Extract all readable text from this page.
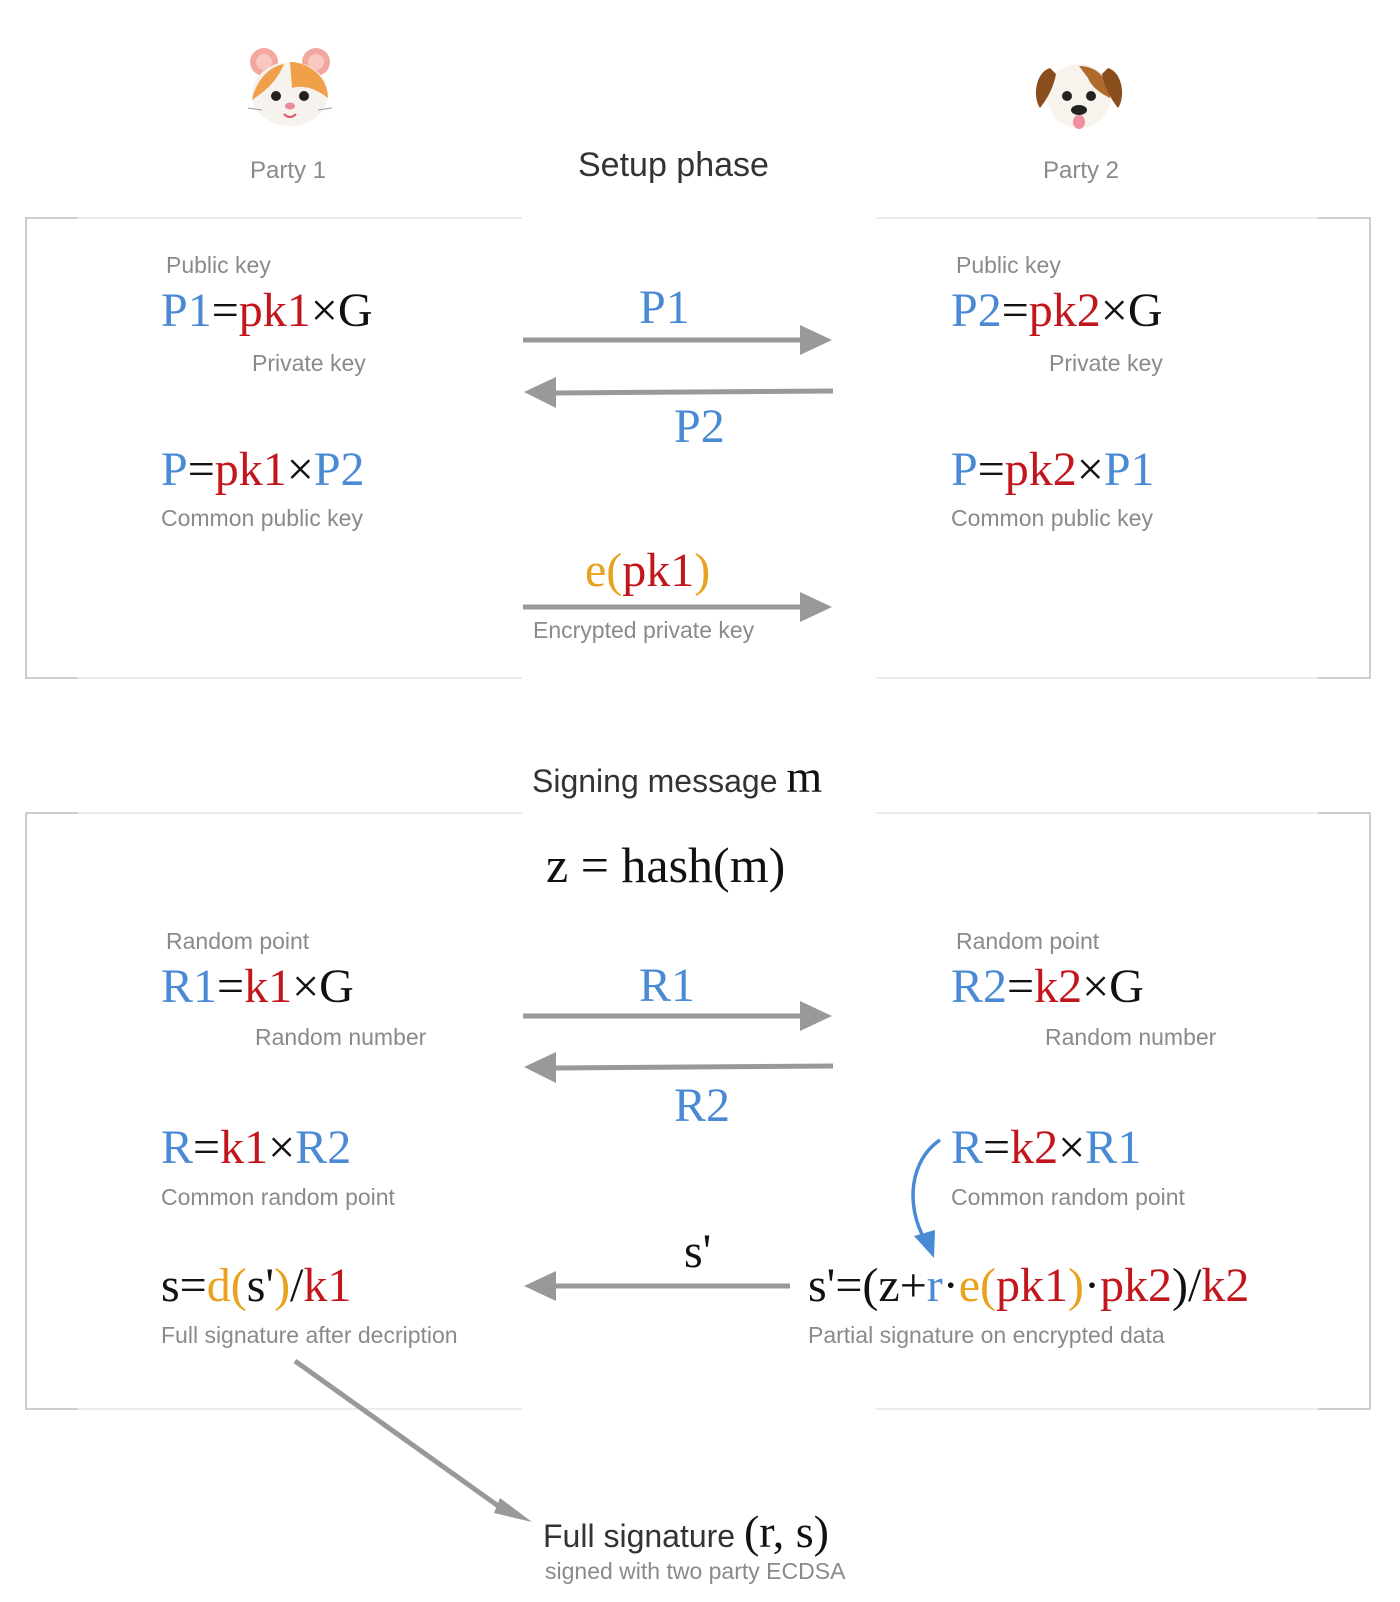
Party 1	Setup phase	Party 2
Public key
P1=pk1×G
Private key
Public key
P2=pk2×G
Private key
P1
P2
P=pk1×P2
Common public key
P=pk2×P1
Common public key
e(pk1)
Encrypted private key
Signing message m
z = hash(m)
Random point
R1=k1×G
Random number
Random point
R2=k2×G
Random number
R1
R2
R=k1×R2
Common random point
R=k2×R1
Common random point
s'
s=d(s')/k1
Full signature after decription
s'=(z+r·e(pk1)·pk2)/k2
Partial signature on encrypted data
Full signature (r, s)
signed with two party ECDSA
